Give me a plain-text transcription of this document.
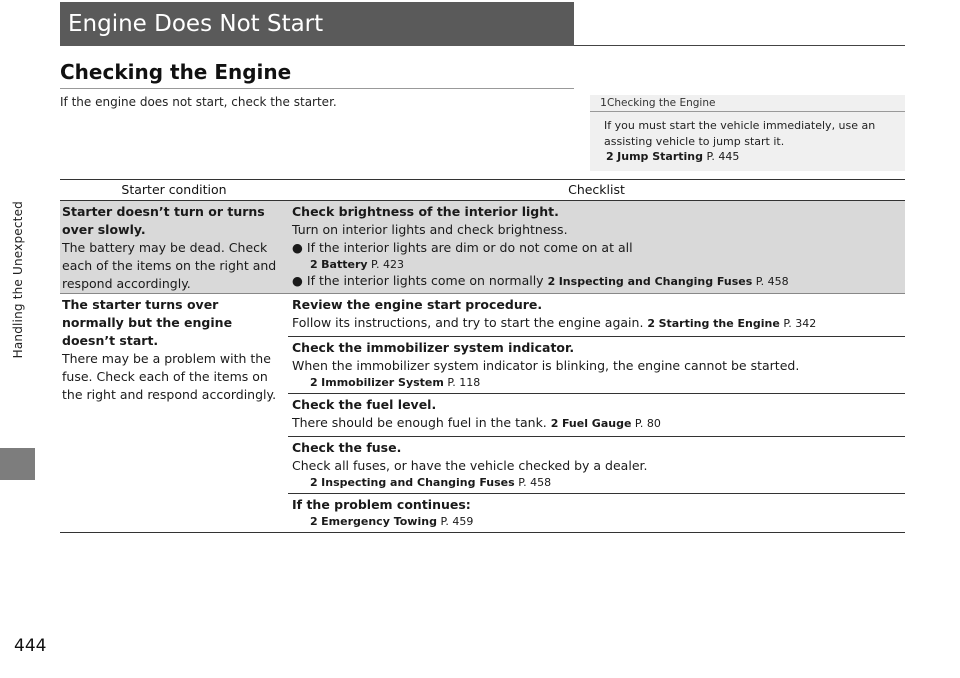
Handling the Unexpected
444
Engine Does Not Start
Checking the Engine
If the engine does not start, check the starter.	1Checking the Engine
If you must start the vehicle immediately, use an assisting vehicle to jump start it.
2 Jump Starting P. 445
Starter condition	Checklist
Starter doesn’t turn or turns over slowly.
The battery may be dead. Check each of the items on the right and respond accordingly.
Check brightness of the interior light.
Turn on interior lights and check brightness.
● If the interior lights are dim or do not come on at all
2 Battery P. 423
● If the interior lights come on normally 2 Inspecting and Changing Fuses P. 458
The starter turns over normally but the engine doesn’t start.
There may be a problem with the fuse. Check each of the items on the right and respond accordingly.
Review the engine start procedure.
Follow its instructions, and try to start the engine again. 2 Starting the Engine P. 342
Check the immobilizer system indicator.
When the immobilizer system indicator is blinking, the engine cannot be started.
2 Immobilizer System P. 118
Check the fuel level.
There should be enough fuel in the tank. 2 Fuel Gauge P. 80
Check the fuse.
Check all fuses, or have the vehicle checked by a dealer.
2 Inspecting and Changing Fuses P. 458
If the problem continues:
2 Emergency Towing P. 459
